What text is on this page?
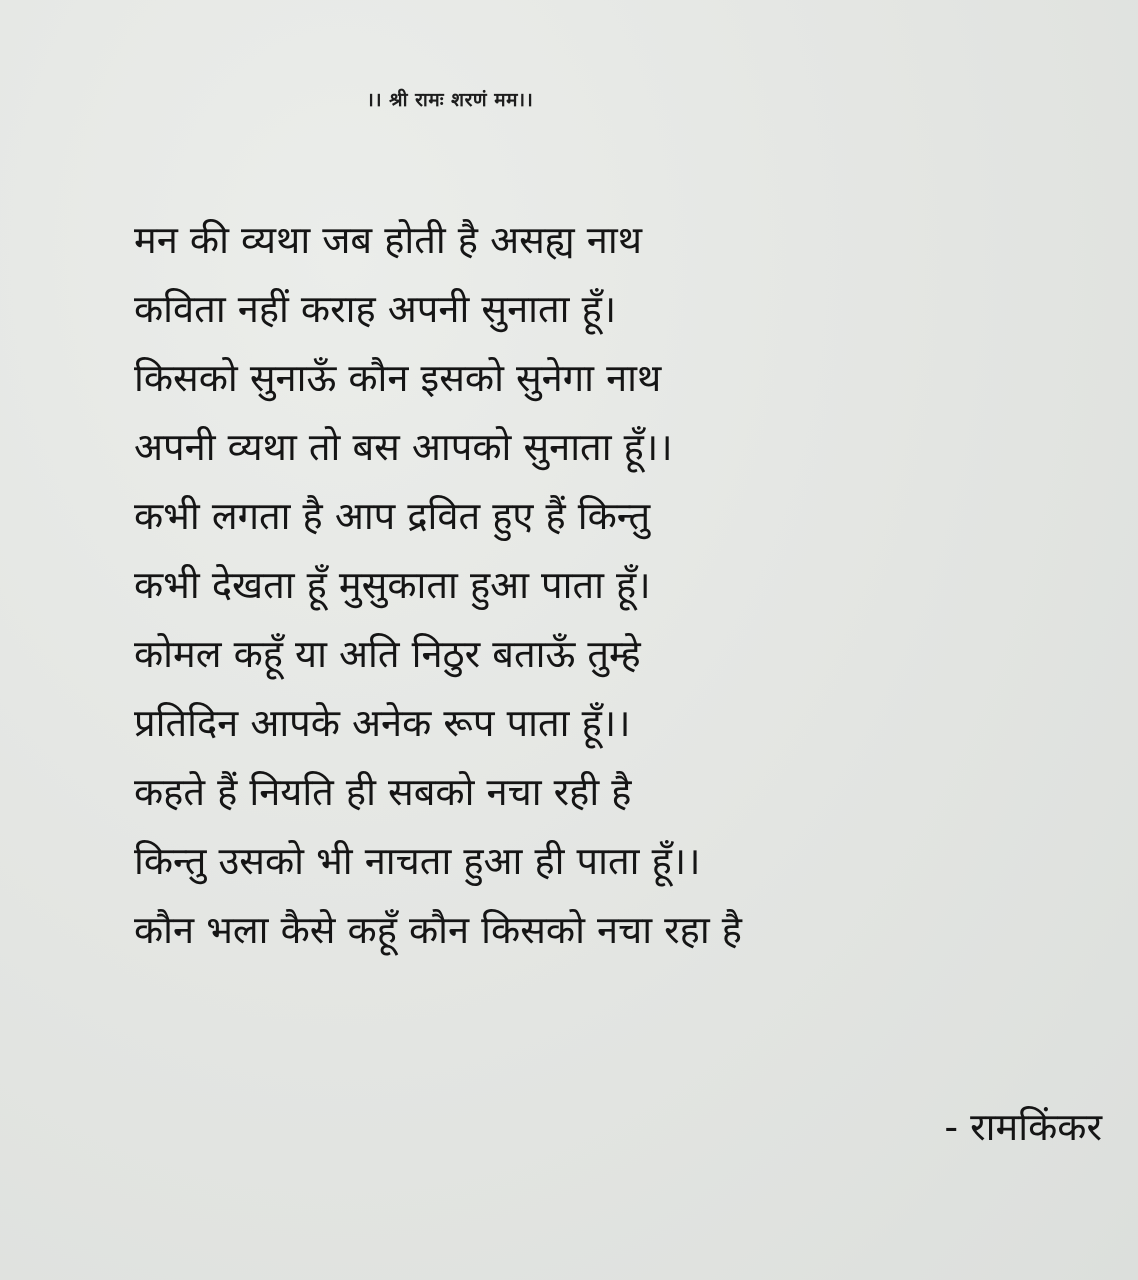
।। श्री रामः शरणं मम।।
मन की व्यथा जब होती है असह्य नाथ
कविता नहीं कराह अपनी सुनाता हूँ।
किसको सुनाऊँ कौन इसको सुनेगा नाथ
अपनी व्यथा तो बस आपको सुनाता हूँ।।
कभी लगता है आप द्रवित हुए हैं किन्तु
कभी देखता हूँ मुसुकाता हुआ पाता हूँ।
कोमल कहूँ या अति निठुर बताऊँ तुम्हे
प्रतिदिन आपके अनेक रूप पाता हूँ।।
कहते हैं नियति ही सबको नचा रही है
किन्तु उसको भी नाचता हुआ ही पाता हूँ।।
कौन भला कैसे कहूँ कौन किसको नचा रहा है
- रामकिंकर
